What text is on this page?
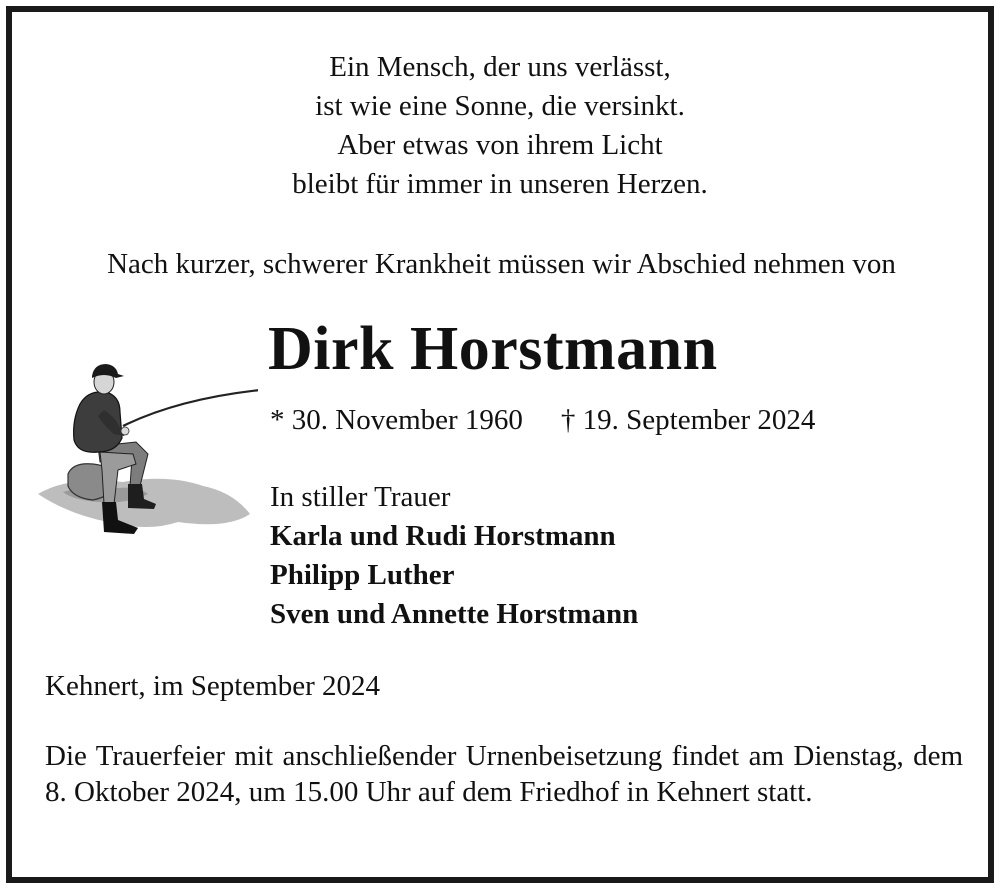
Ein Mensch, der uns verlässt,
ist wie eine Sonne, die versinkt.
Aber etwas von ihrem Licht
bleibt für immer in unseren Herzen.
Nach kurzer, schwerer Krankheit müssen wir Abschied nehmen von
Dirk Horstmann
* 30. November 1960 † 19. September 2024
In stiller Trauer
Karla und Rudi Horstmann
Philipp Luther
Sven und Annette Horstmann
Kehnert, im September 2024
Die Trauerfeier mit anschließender Urnenbeisetzung findet am Dienstag, dem 8. Oktober 2024, um 15.00 Uhr auf dem Friedhof in Kehnert statt.
